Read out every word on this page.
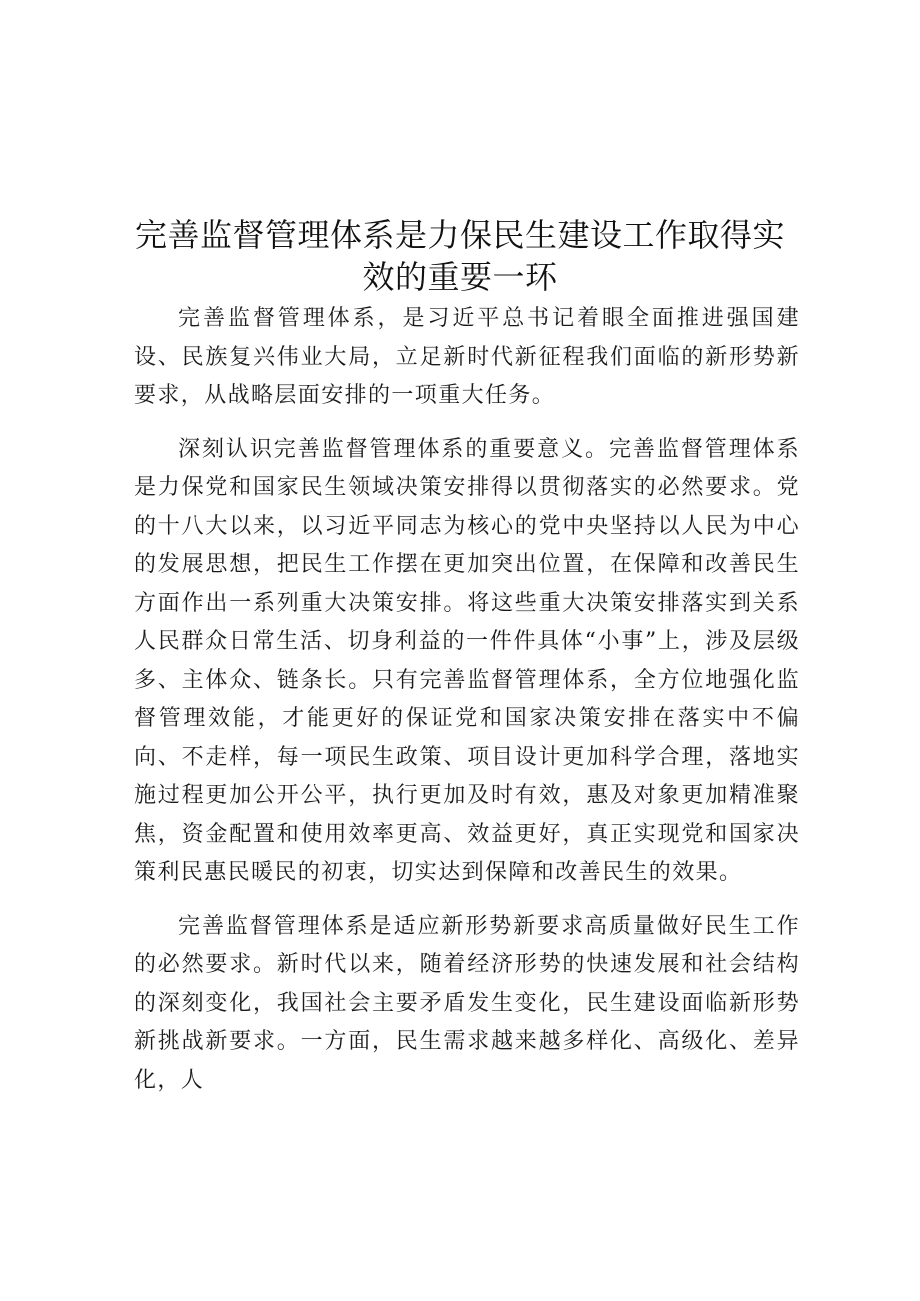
完善监督管理体系是力保民生建设工作取得实效的重要一环

完善监督管理体系，是习近平总书记着眼全面推进强国建设、民族复兴伟业大局，立足新时代新征程我们面临的新形势新要求，从战略层面安排的一项重大任务。

深刻认识完善监督管理体系的重要意义。完善监督管理体系是力保党和国家民生领域决策安排得以贯彻落实的必然要求。党的十八大以来，以习近平同志为核心的党中央坚持以人民为中心的发展思想，把民生工作摆在更加突出位置，在保障和改善民生方面作出一系列重大决策安排。将这些重大决策安排落实到关系人民群众日常生活、切身利益的一件件具体“小事”上，涉及层级多、主体众、链条长。只有完善监督管理体系，全方位地强化监督管理效能，才能更好的保证党和国家决策安排在落实中不偏向、不走样，每一项民生政策、项目设计更加科学合理，落地实施过程更加公开公平，执行更加及时有效，惠及对象更加精准聚焦，资金配置和使用效率更高、效益更好，真正实现党和国家决策利民惠民暖民的初衷，切实达到保障和改善民生的效果。

完善监督管理体系是适应新形势新要求高质量做好民生工作的必然要求。新时代以来，随着经济形势的快速发展和社会结构的深刻变化，我国社会主要矛盾发生变化，民生建设面临新形势新挑战新要求。一方面，民生需求越来越多样化、高级化、差异化，人
